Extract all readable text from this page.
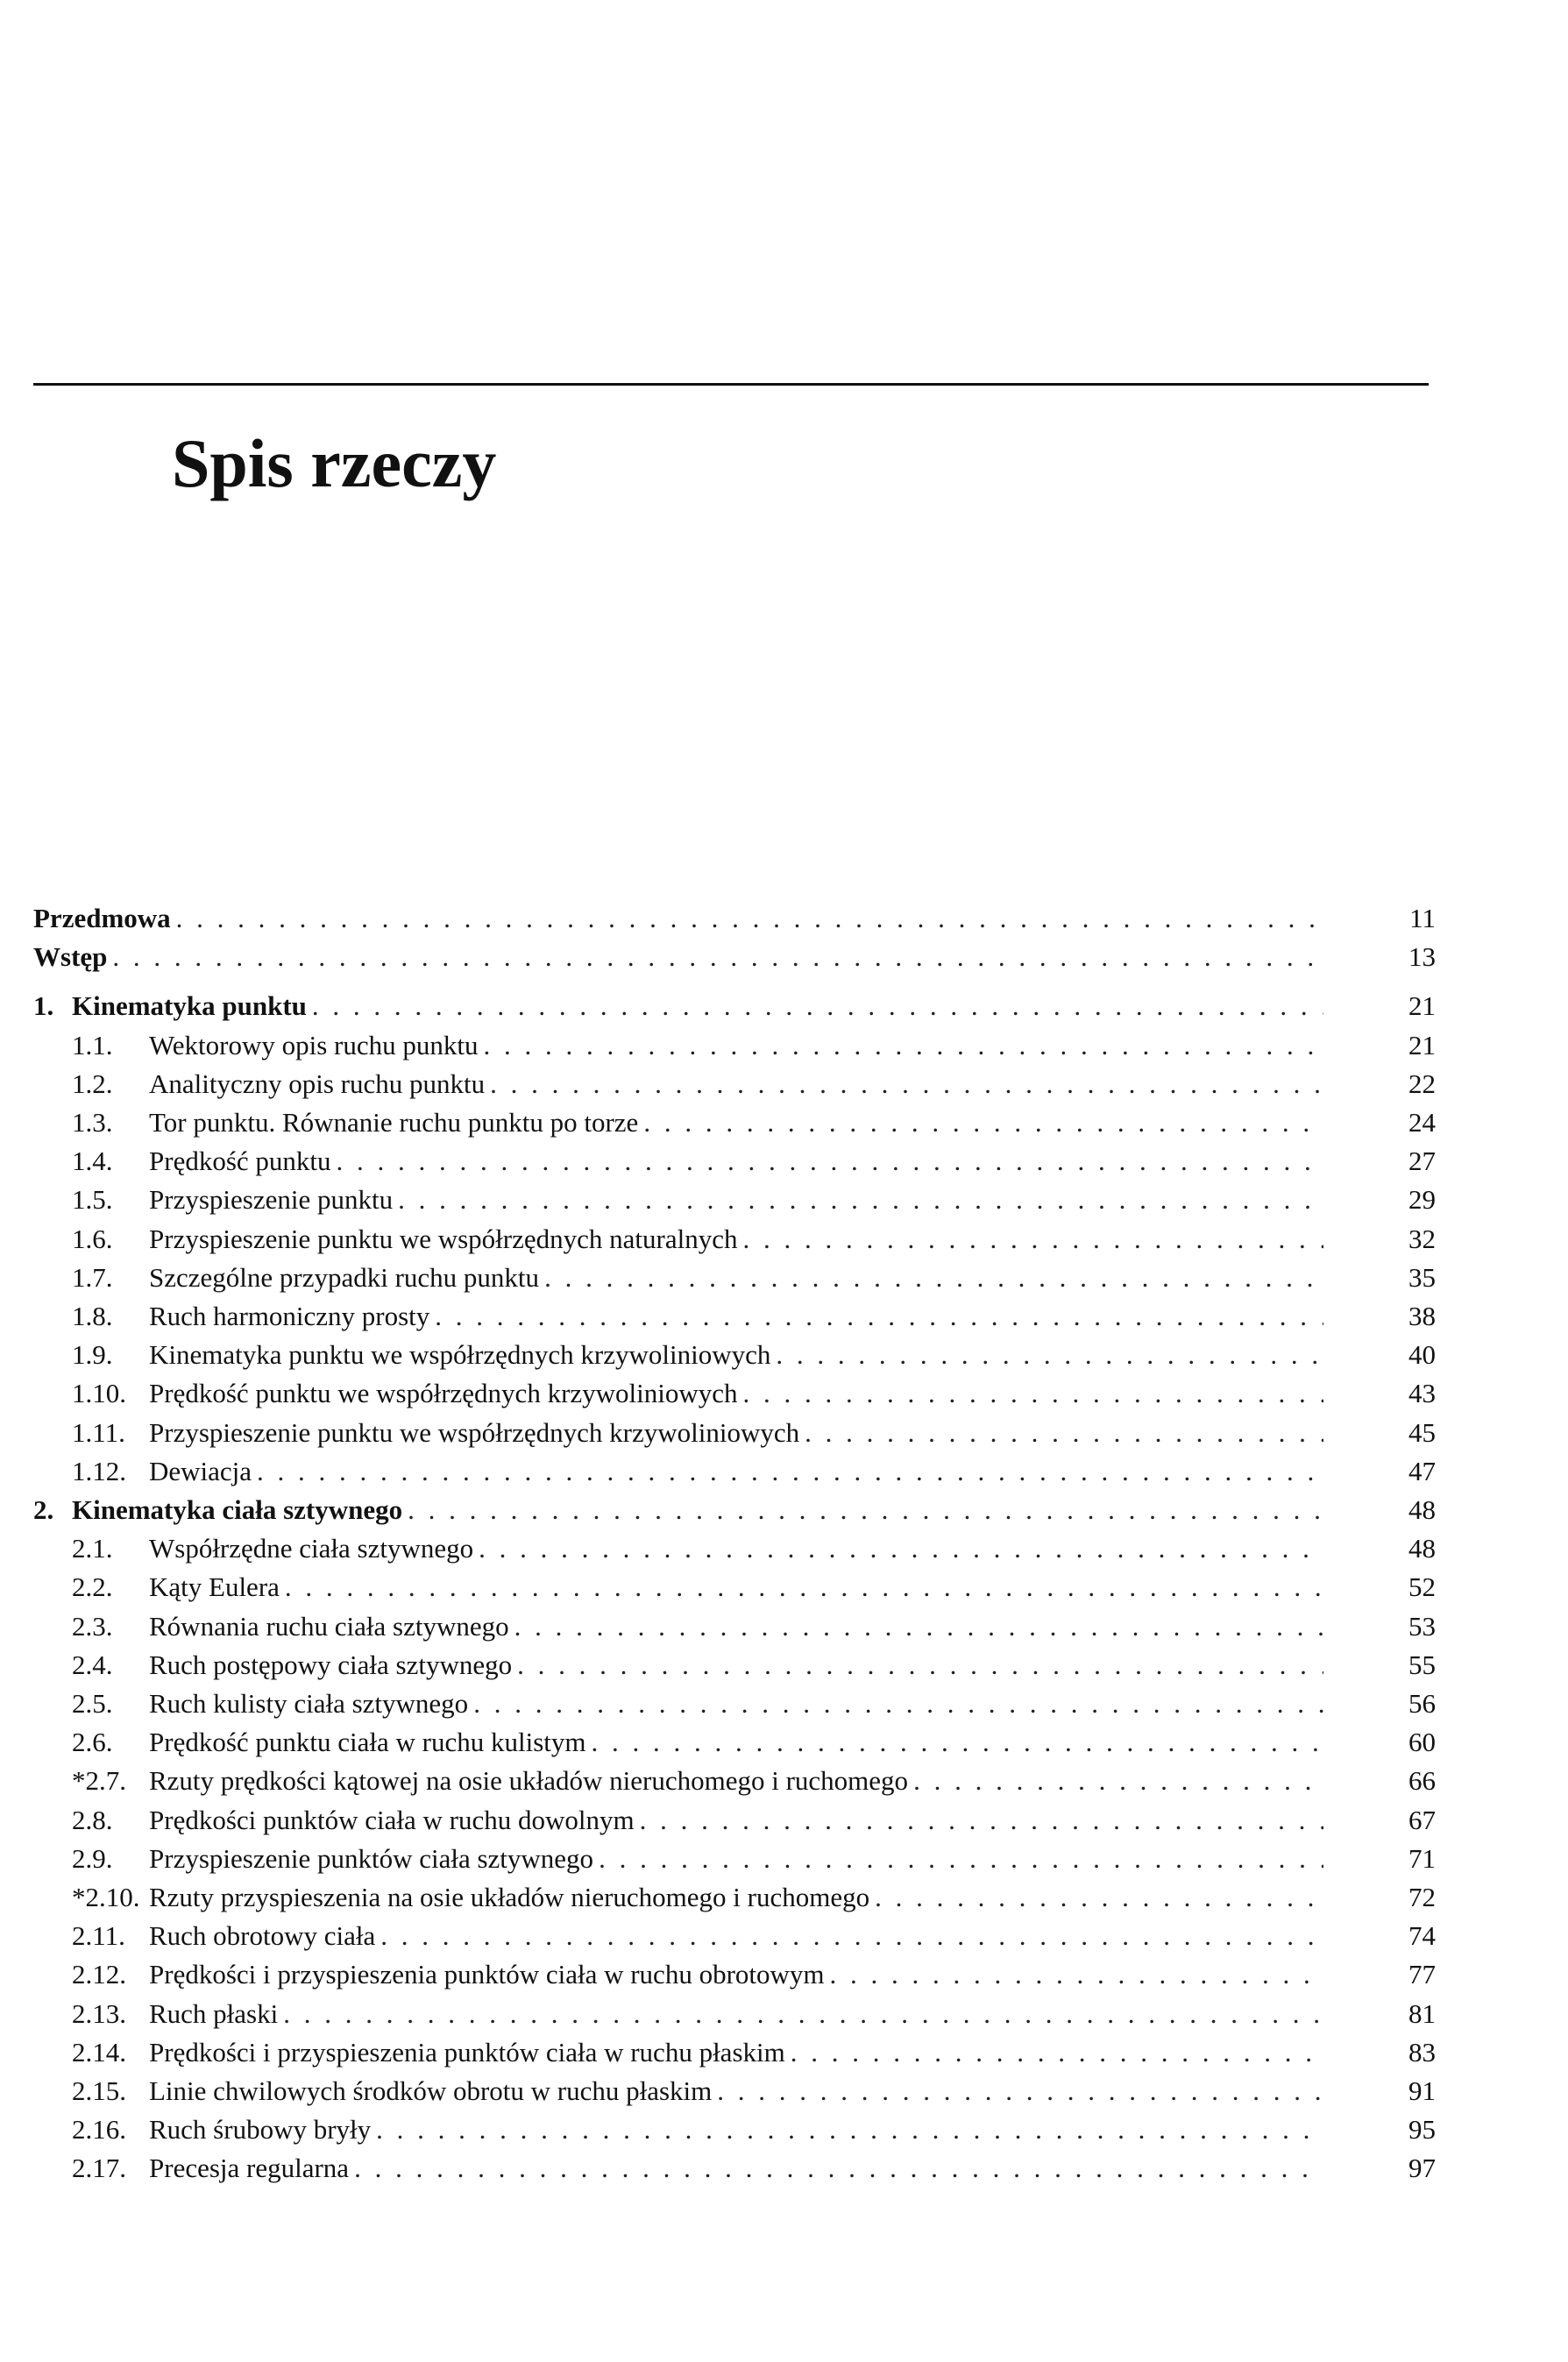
Spis rzeczy
Przedmowa . . .	11
Wstęp . . .	13
1. Kinematyka punktu . . .	21
1.1. Wektorowy opis ruchu punktu . . .	21
1.2. Analityczny opis ruchu punktu . . .	22
1.3. Tor punktu. Równanie ruchu punktu po torze . . .	24
1.4. Prędkość punktu . . .	27
1.5. Przyspieszenie punktu . . .	29
1.6. Przyspieszenie punktu we współrzędnych naturalnych . . .	32
1.7. Szczególne przypadki ruchu punktu . . .	35
1.8. Ruch harmoniczny prosty . . .	38
1.9. Kinematyka punktu we współrzędnych krzywoliniowych . . .	40
1.10. Prędkość punktu we współrzędnych krzywoliniowych . . .	43
1.11. Przyspieszenie punktu we współrzędnych krzywoliniowych . . .	45
1.12. Dewiacja . . .	47
2. Kinematyka ciała sztywnego . . .	48
2.1. Współrzędne ciała sztywnego . . .	48
2.2. Kąty Eulera . . .	52
2.3. Równania ruchu ciała sztywnego . . .	53
2.4. Ruch postępowy ciała sztywnego . . .	55
2.5. Ruch kulisty ciała sztywnego . . .	56
2.6. Prędkość punktu ciała w ruchu kulistym . . .	60
*2.7. Rzuty prędkości kątowej na osie układów nieruchomego i ruchomego . . .	66
2.8. Prędkości punktów ciała w ruchu dowolnym . . .	67
2.9. Przyspieszenie punktów ciała sztywnego . . .	71
*2.10. Rzuty przyspieszenia na osie układów nieruchomego i ruchomego . . .	72
2.11. Ruch obrotowy ciała . . .	74
2.12. Prędkości i przyspieszenia punktów ciała w ruchu obrotowym . . .	77
2.13. Ruch płaski . . .	81
2.14. Prędkości i przyspieszenia punktów ciała w ruchu płaskim . . .	83
2.15. Linie chwilowych środków obrotu w ruchu płaskim . . .	91
2.16. Ruch śrubowy bryły . . .	95
2.17. Precesja regularna . . .	97
